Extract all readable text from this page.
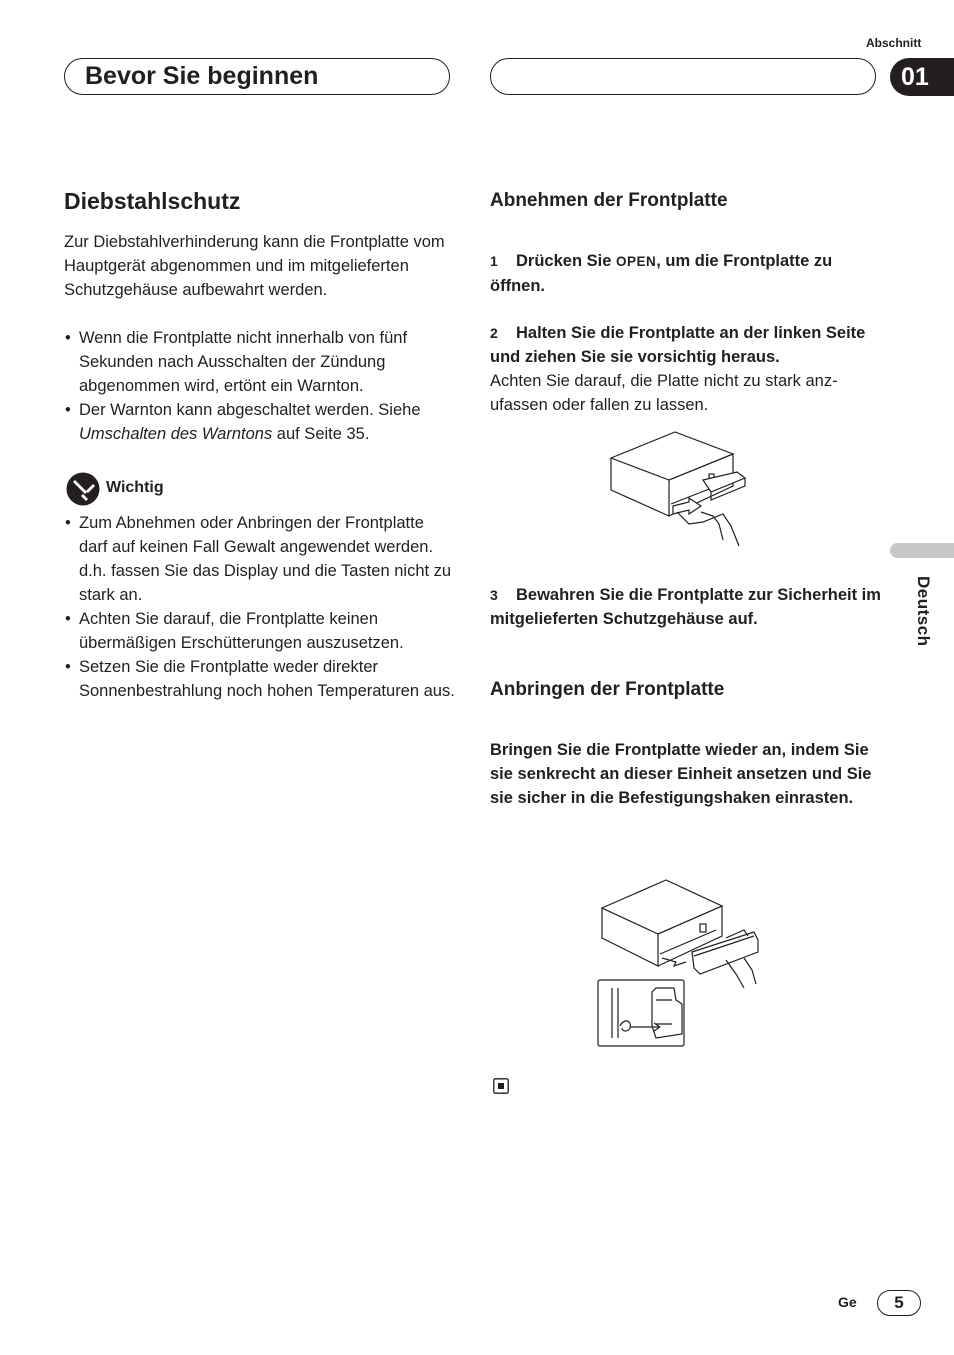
Abschnitt
Bevor Sie beginnen	01
Deutsch
Diebstahlschutz
Zur Diebstahlverhinderung kann die Frontplatte vom Hauptgerät abgenommen und im mitgelieferten Schutzgehäuse aufbewahrt werden.
• Wenn die Frontplatte nicht innerhalb von fünf Sekunden nach Ausschalten der Zündung abgenommen wird, ertönt ein Warnton.
• Der Warnton kann abgeschaltet werden. Siehe Umschalten des Warntons auf Seite 35.
Wichtig
• Zum Abnehmen oder Anbringen der Frontplatte darf auf keinen Fall Gewalt angewendet werden. d.h. fassen Sie das Display und die Tasten nicht zu stark an.
• Achten Sie darauf, die Frontplatte keinen übermäßigen Erschütterungen auszusetzen.
• Setzen Sie die Frontplatte weder direkter Sonnenbestrahlung noch hohen Temperaturen aus.
Abnehmen der Frontplatte
1 Drücken Sie OPEN, um die Frontplatte zu öffnen.
2 Halten Sie die Frontplatte an der linken Seite und ziehen Sie sie vorsichtig heraus.
Achten Sie darauf, die Platte nicht zu stark anz-ufassen oder fallen zu lassen.
3 Bewahren Sie die Frontplatte zur Sicherheit im mitgelieferten Schutzgehäuse auf.
Anbringen der Frontplatte
Bringen Sie die Frontplatte wieder an, indem Sie sie senkrecht an dieser Einheit ansetzen und Sie sie sicher in die Befestigungshaken einrasten.
Ge	5
